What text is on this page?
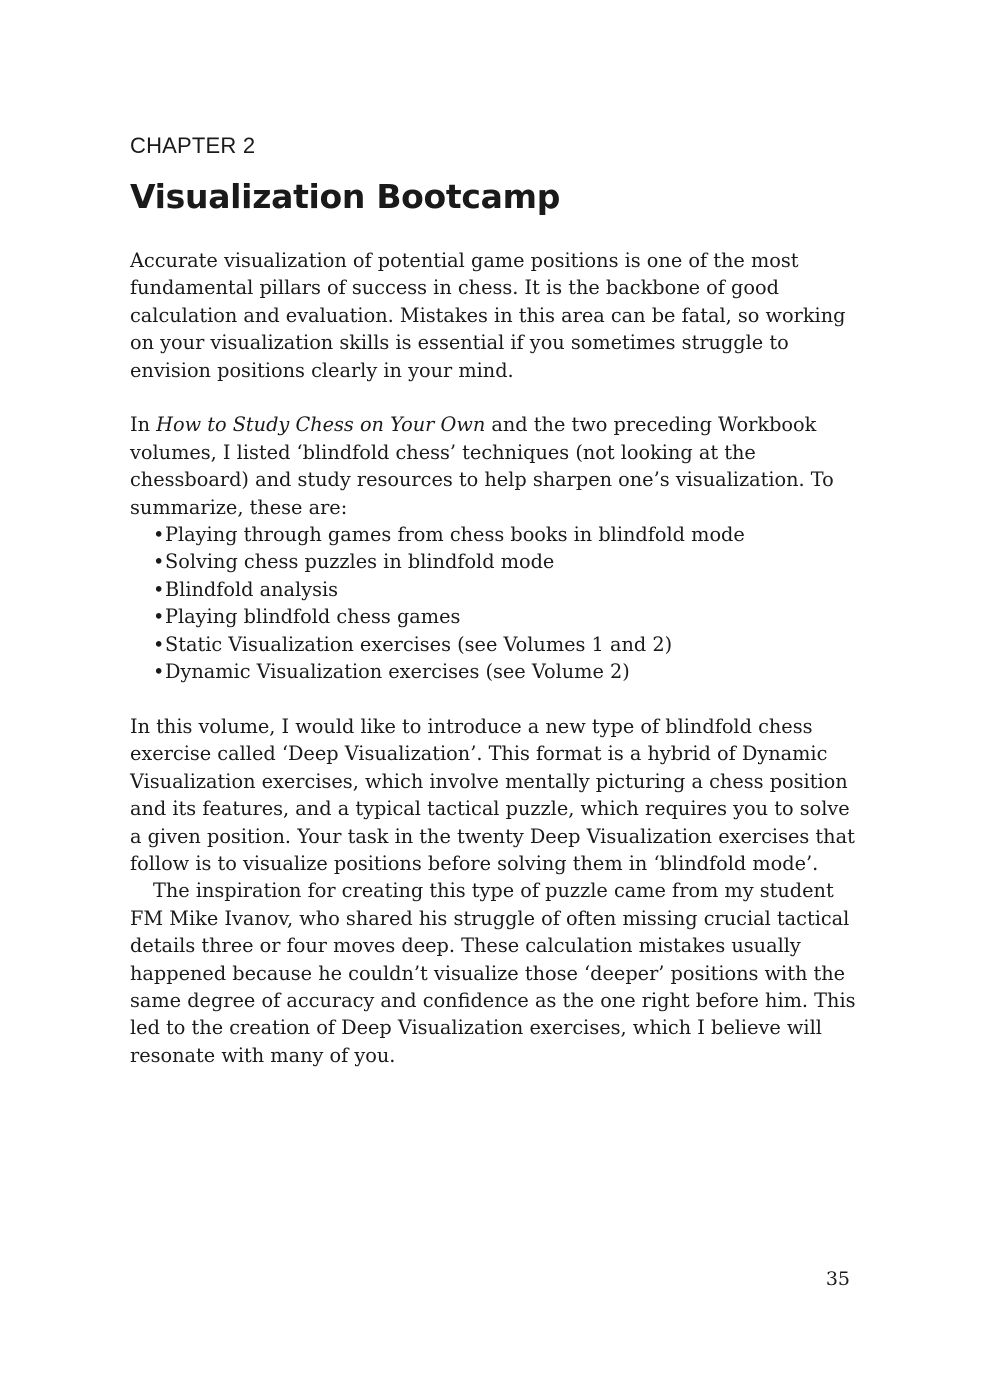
CHAPTER 2
Visualization Bootcamp

Accurate visualization of potential game positions is one of the most fundamental pillars of success in chess. It is the backbone of good calculation and evaluation. Mistakes in this area can be fatal, so working on your visualization skills is essential if you sometimes struggle to envision positions clearly in your mind.

In How to Study Chess on Your Own and the two preceding Workbook volumes, I listed ‘blindfold chess’ techniques (not looking at the chessboard) and study resources to help sharpen one’s visualization. To summarize, these are:

•Playing through games from chess books in blindfold mode
•Solving chess puzzles in blindfold mode
•Blindfold analysis
•Playing blindfold chess games
•Static Visualization exercises (see Volumes 1 and 2)
•Dynamic Visualization exercises (see Volume 2)

In this volume, I would like to introduce a new type of blindfold chess exercise called ‘Deep Visualization’. This format is a hybrid of Dynamic Visualization exercises, which involve mentally picturing a chess position and its features, and a typical tactical puzzle, which requires you to solve a given position. Your task in the twenty Deep Visualization exercises that follow is to visualize positions before solving them in ‘blindfold mode’.

The inspiration for creating this type of puzzle came from my student FM Mike Ivanov, who shared his struggle of often missing crucial tactical details three or four moves deep. These calculation mistakes usually happened because he couldn’t visualize those ‘deeper’ positions with the same degree of accuracy and confidence as the one right before him. This led to the creation of Deep Visualization exercises, which I believe will resonate with many of you.

35
